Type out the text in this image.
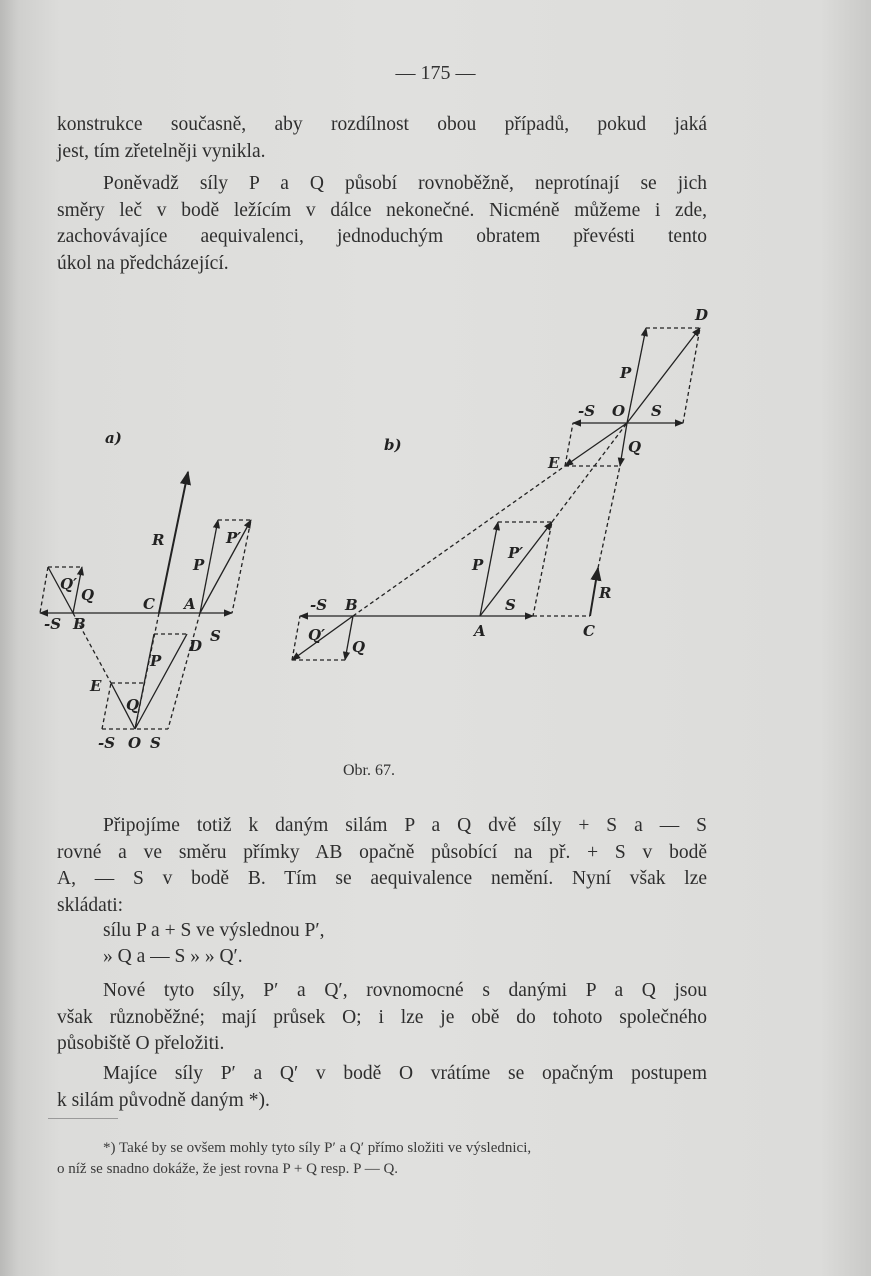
— 175 —
konstrukce současně, aby rozdílnost obou případů, pokud jaká
jest, tím zřetelněji vynikla.
Poněvadž síly P a Q působí rovnoběžně, neprotínají se jich
směry leč v bodě ležícím v dálce nekonečné. Nicméně můžeme i zde,
zachovávajíce aequivalenci, jednoduchým obratem převésti tento
úkol na předcházející.
a)
R
P
P′
Q
Q′
C A
B
S
-S
D
E
P
Q
-S O S
b)
D
P
-S O S
E
Q
P
P′
S
-S B
Q′
Q
A
R
C
Obr. 67.
Připojíme totiž k daným silám P a Q dvě síly + S a — S
rovné a ve směru přímky AB opačně působící na př. + S v bodě
A, — S v bodě B. Tím se aequivalence nemění. Nyní však lze
skládati:
sílu P a + S ve výslednou P′,
» Q a — S » » Q′.
Nové tyto síly, P′ a Q′, rovnomocné s danými P a Q jsou
však různoběžné; mají průsek O; i lze je obě do tohoto společného
působiště O přeložiti.
Majíce síly P′ a Q′ v bodě O vrátíme se opačným postupem
k silám původně daným *).
*) Také by se ovšem mohly tyto síly P′ a Q′ přímo složiti ve výslednici,
o níž se snadno dokáže, že jest rovna P + Q resp. P — Q.
